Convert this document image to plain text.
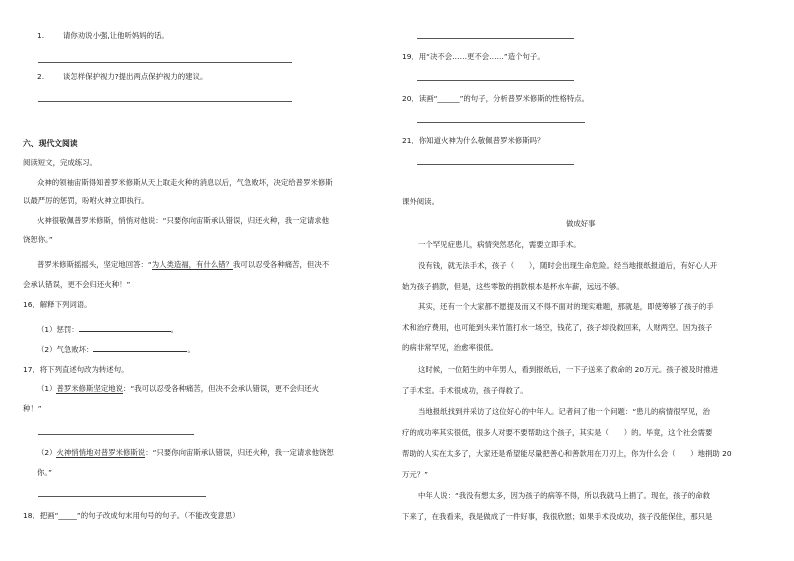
1.	请你劝说小强,让他听妈妈的话。
2.	谈怎样保护视力?提出两点保护视力的建议。
六、现代文阅读
阅读短文，完成练习。
众神的领袖宙斯得知普罗米修斯从天上取走火种的消息以后，气急败坏，决定给普罗米修斯
以最严厉的惩罚，吩咐火神立即执行。
火神很敬佩普罗米修斯，悄悄对他说：“只要你向宙斯承认错误，归还火种，我一定请求他
饶恕你。”
普罗米修斯摇摇头，坚定地回答：“为人类造福，有什么错？我可以忍受各种痛苦，但决不
会承认错误，更不会归还火种！”
16．解释下列词语。
（1）惩罚：	。
（2）气急败坏：	。
17．将下列直述句改为转述句。
（1）普罗米修斯坚定地说：“我可以忍受各种痛苦，但决不会承认错误，更不会归还火
种！”
（2）火神悄悄地对普罗米修斯说：“只要你向宙斯承认错误，归还火种，我一定请求他饶恕
你。”
18．把画“_____”的句子改成句末用句号的句子。（不能改变意思）
19．用“决不会……更不会……”造个句子。
20．读画“______”的句子，分析普罗米修斯的性格特点。
21．你知道火神为什么敬佩普罗米修斯吗？
课外阅读。
做成好事
一个罕见症患儿，病情突然恶化，需要立即手术。
没有钱，就无法手术，孩子（　　），随时会出现生命危险。经当地报纸报道后，有好心人开
始为孩子捐款，但是，这些零散的捐款根本是杯水车薪，远远不够。
其实，还有一个大家都不愿提及而又不得不面对的现实难题，那就是，即使筹够了孩子的手
术和治疗费用，也可能到头来竹篮打水一场空，钱花了，孩子却没救回来，人财两空。因为孩子
的病非常罕见，治愈率很低。
这时候，一位陌生的中年男人，看到报纸后，一下子送来了救命的 20万元。孩子被及时推进
了手术室。手术很成功，孩子得救了。
当地报纸找到并采访了这位好心的中年人。记者问了他一个问题：“患儿的病情很罕见，治
疗的成功率其实很低，很多人对要不要帮助这个孩子，其实是（　　）的。毕竟，这个社会需要
帮助的人实在太多了，大家还是希望能尽量把善心和善款用在刀刃上，你为什么会（　　）地捐助 20
万元？”
中年人说：“我没有想太多，因为孩子的病等不得，所以我就马上捐了。现在，孩子的命救
下来了，在我看来，我是做成了一件好事，我很欣慰；如果手术没成功，孩子没能保住，那只是
